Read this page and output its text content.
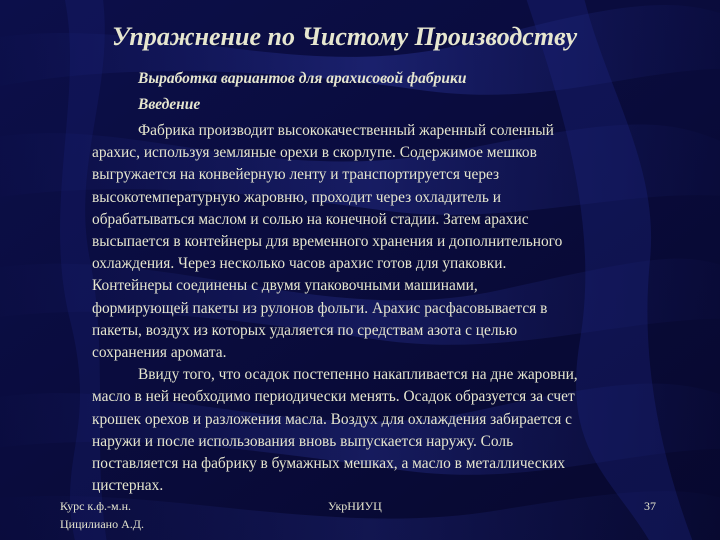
Упражнение по Чистому Производству
Выработка вариантов для арахисовой фабрики
Введение
Фабрика производит высококачественный жаренный соленный
арахис, используя земляные орехи в скорлупе. Содержимое мешков
выгружается на конвейерную ленту и транспортируется через
высокотемпературную жаровню, проходит через охладитель и
обрабатываться маслом и солью на конечной стадии. Затем арахис
высыпается в контейнеры для временного хранения и дополнительного
охлаждения. Через несколько часов арахис готов для упаковки.
Контейнеры соединены с двумя упаковочными машинами,
формирующей пакеты из рулонов фольги. Арахис расфасовывается в
пакеты, воздух из которых удаляется по средствам азота с целью
сохранения аромата.
Ввиду того, что осадок постепенно накапливается на дне жаровни,
масло в ней необходимо периодически менять. Осадок образуется за счет
крошек орехов и разложения масла. Воздух для охлаждения забирается с
наружи и после использования вновь выпускается наружу. Соль
поставляется на фабрику в бумажных мешках, а масло в металлических
цистернах.
Курс к.ф.-м.н.
Цицилиано А.Д.
УкрНИУЦ	37
